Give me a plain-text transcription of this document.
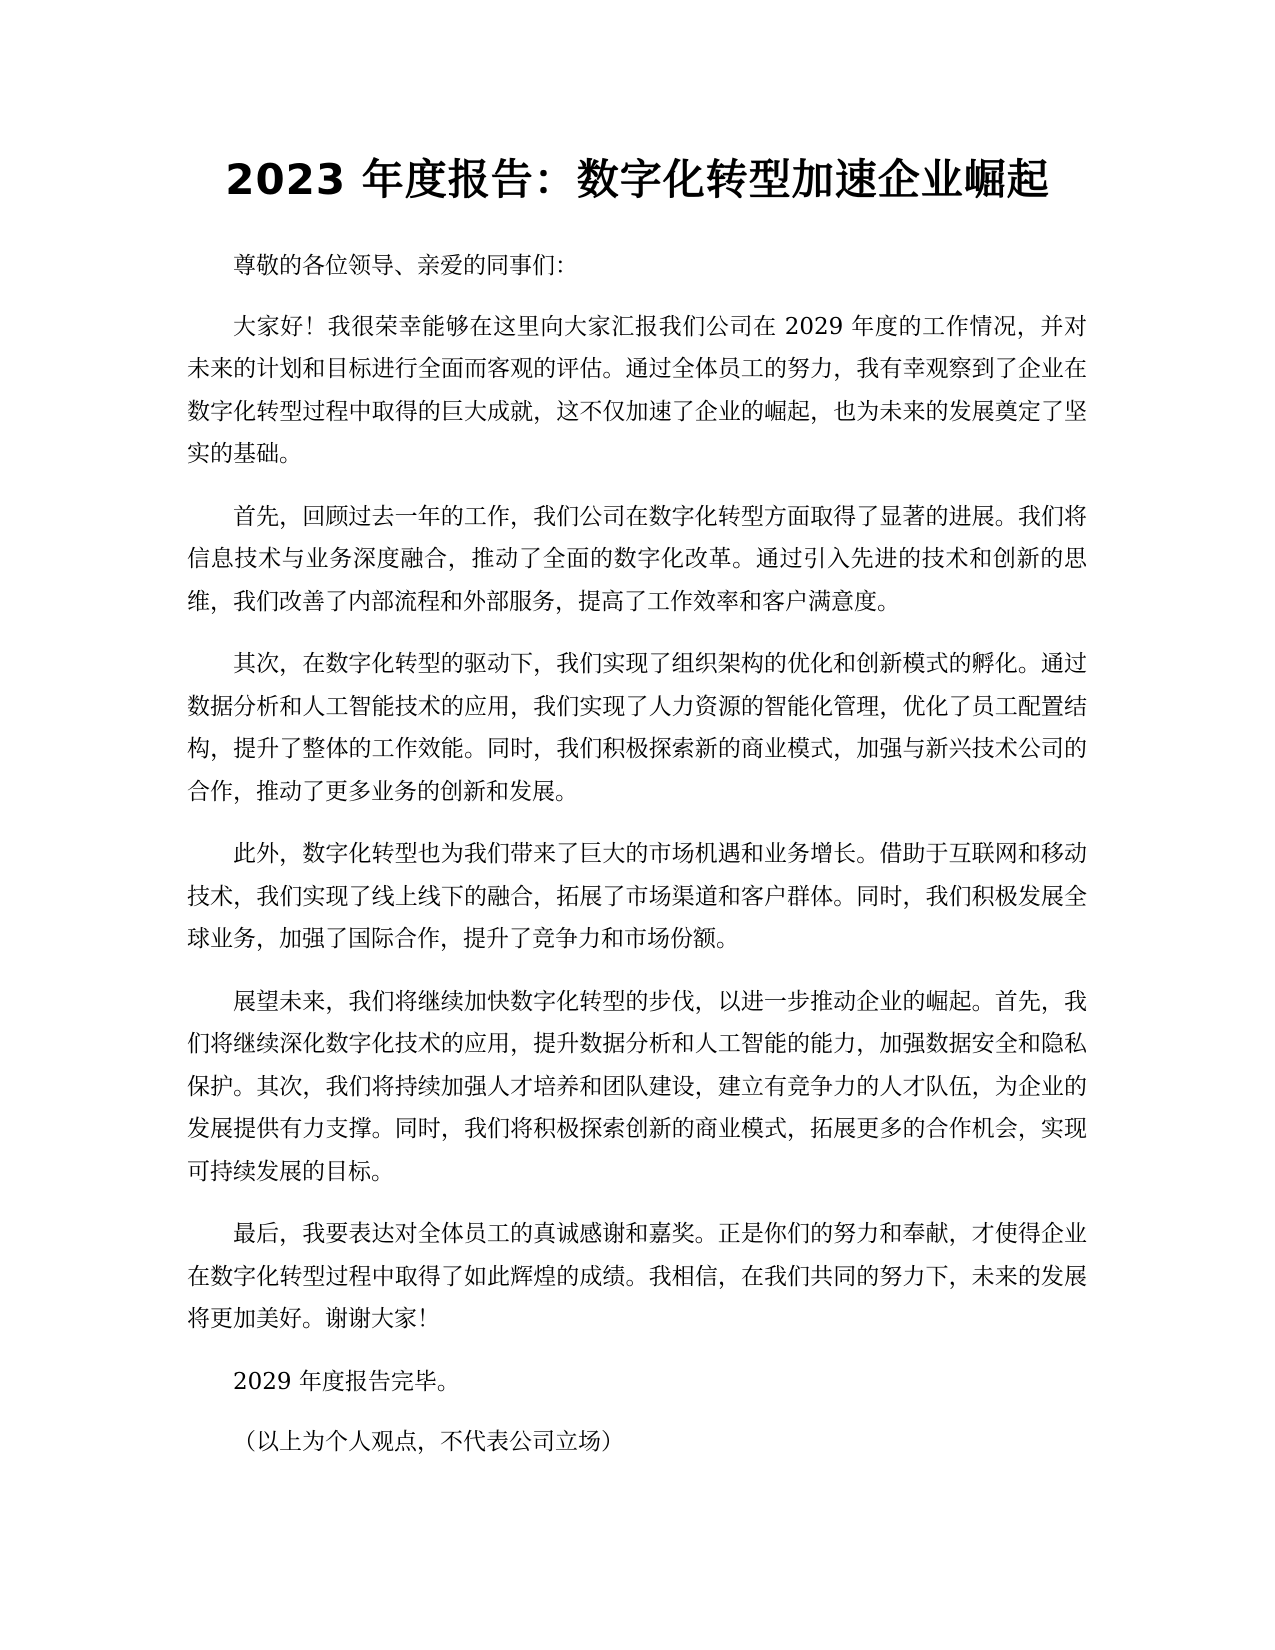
2023 年度报告：数字化转型加速企业崛起

尊敬的各位领导、亲爱的同事们：

大家好！我很荣幸能够在这里向大家汇报我们公司在 2029 年度的工作情况，并对未来的计划和目标进行全面而客观的评估。通过全体员工的努力，我有幸观察到了企业在数字化转型过程中取得的巨大成就，这不仅加速了企业的崛起，也为未来的发展奠定了坚实的基础。

首先，回顾过去一年的工作，我们公司在数字化转型方面取得了显著的进展。我们将信息技术与业务深度融合，推动了全面的数字化改革。通过引入先进的技术和创新的思维，我们改善了内部流程和外部服务，提高了工作效率和客户满意度。

其次，在数字化转型的驱动下，我们实现了组织架构的优化和创新模式的孵化。通过数据分析和人工智能技术的应用，我们实现了人力资源的智能化管理，优化了员工配置结构，提升了整体的工作效能。同时，我们积极探索新的商业模式，加强与新兴技术公司的合作，推动了更多业务的创新和发展。

此外，数字化转型也为我们带来了巨大的市场机遇和业务增长。借助于互联网和移动技术，我们实现了线上线下的融合，拓展了市场渠道和客户群体。同时，我们积极发展全球业务，加强了国际合作，提升了竞争力和市场份额。

展望未来，我们将继续加快数字化转型的步伐，以进一步推动企业的崛起。首先，我们将继续深化数字化技术的应用，提升数据分析和人工智能的能力，加强数据安全和隐私保护。其次，我们将持续加强人才培养和团队建设，建立有竞争力的人才队伍，为企业的发展提供有力支撑。同时，我们将积极探索创新的商业模式，拓展更多的合作机会，实现可持续发展的目标。

最后，我要表达对全体员工的真诚感谢和嘉奖。正是你们的努力和奉献，才使得企业在数字化转型过程中取得了如此辉煌的成绩。我相信，在我们共同的努力下，未来的发展将更加美好。谢谢大家！

2029 年度报告完毕。

（以上为个人观点，不代表公司立场）
